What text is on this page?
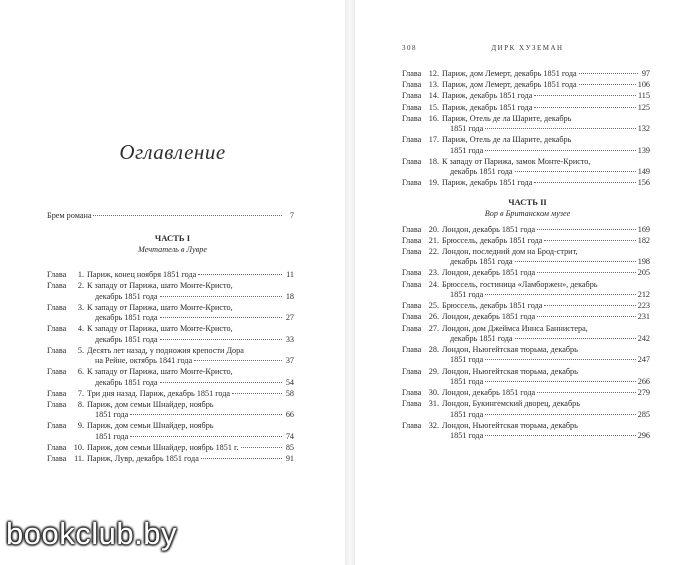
Оглавление
Брем романа	7
ЧАСТЬ I
Мечтатель в Лувре
Глава	1. Париж, конец ноября 1851 года	11
Глава	2. К западу от Парижа, шато Монте-Кристо,
декабрь 1851 года	18
Глава	3. К западу от Парижа, шато Монте-Кристо,
декабрь 1851 года	27
Глава	4. К западу от Парижа, шато Монте-Кристо,
декабрь 1851 года	33
Глава	5. Десять лет назад, у подножия крепости Дора
на Рейне, октябрь 1841 года	37
Глава	6. К западу от Парижа, шато Монте-Кристо,
декабрь 1851 года	54
Глава	7. Три дня назад. Париж, декабрь 1851 года	58
Глава	8. Париж, дом семьи Шнайдер, ноябрь
1851 года	66
Глава	9. Париж, дом семьи Шнайдер, ноябрь
1851 года	74
Глава 10. Париж, дом семьи Шнайдер, ноябрь 1851 г.	85
Глава 11. Париж, Лувр, декабрь 1851 года	91
308	ДИРК ХУЗЕМАН
Глава 12. Париж, дом Лемерт, декабрь 1851 года	97
Глава 13. Париж, дом Лемерт, декабрь 1851 года	106
Глава 14. Париж, декабрь 1851 года	115
Глава 15. Париж, декабрь 1851 года	125
Глава 16. Париж, Отель де ла Шарите, декабрь
1851 года	132
Глава 17. Париж, Отель де ла Шарите, декабрь
1851 года	139
Глава 18. К западу от Парижа, замок Монте-Кристо,
декабрь 1851 года	149
Глава 19. Париж, декабрь 1851 года	156
ЧАСТЬ II
Вор в Британском музее
Глава 20. Лондон, декабрь 1851 года	169
Глава 21. Брюссель, декабрь 1851 года	182
Глава 22. Лондон, последний дом на Брод-стрит,
декабрь 1851 года	198
Глава 23. Лондон, декабрь 1851 года	205
Глава 24. Брюссель, гостиница «Ламборжен», декабрь
1851 года	212
Глава 25. Брюссель, декабрь 1851 года	223
Глава 26. Лондон, декабрь 1851 года	231
Глава 27. Лондон, дом Джеймса Иннса Баннистера,
декабрь 1851 года	242
Глава 28. Лондон, Ньюгейтская тюрьма, декабрь
1851 года	247
Глава 29. Лондон, Ньюгейтская тюрьма, декабрь
1851 года	266
Глава 30. Лондон, декабрь 1851 года	279
Глава 31. Лондон, Букингемский дворец, декабрь
1851 года	285
Глава 32. Лондон, Ньюгейтская тюрьма, декабрь
1851 года	296
bookclub.by
